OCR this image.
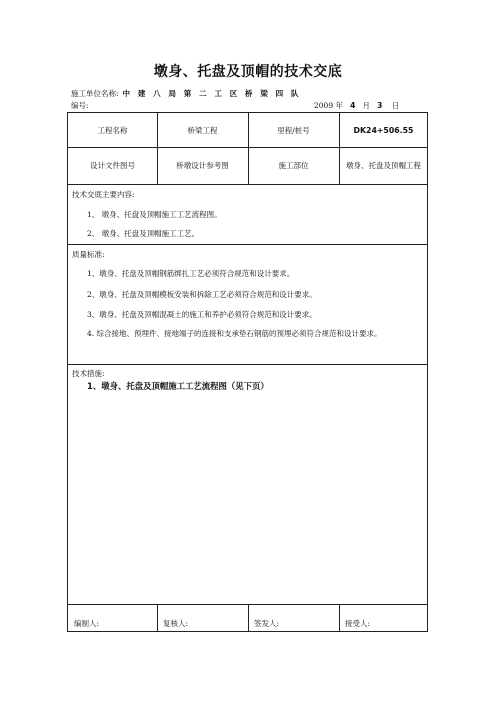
墩身、托盘及顶帽的技术交底
施工单位名称: 中 建 八 局 第 二 工 区 桥 梁 四 队
编号:	2009 年 4 月 3 日
工程名称	桥梁工程	里程/桩号	DK24+506.55
设计文件图号	桥墩设计参考图	施工部位	墩身、托盘及顶帽工程
技术交底主要内容:
1、 墩身、托盘及顶帽施工工艺流程图。
2、 墩身、托盘及顶帽施工工艺。
质量标准:
1、墩身、托盘及顶帽钢筋绑扎工艺必须符合规范和设计要求。
2、墩身、托盘及顶帽模板安装和拆除工艺必须符合规范和设计要求。
3、墩身、托盘及顶帽混凝土的施工和养护必须符合规范和设计要求。
4. 综合接地、预埋件、接地端子的连接和支承垫石钢筋的预埋必须符合规范和设计要求。
技术措施:
1、墩身、托盘及顶帽施工工艺流程图（见下页）
编制人:	复核人:	签发人:	接受人:
